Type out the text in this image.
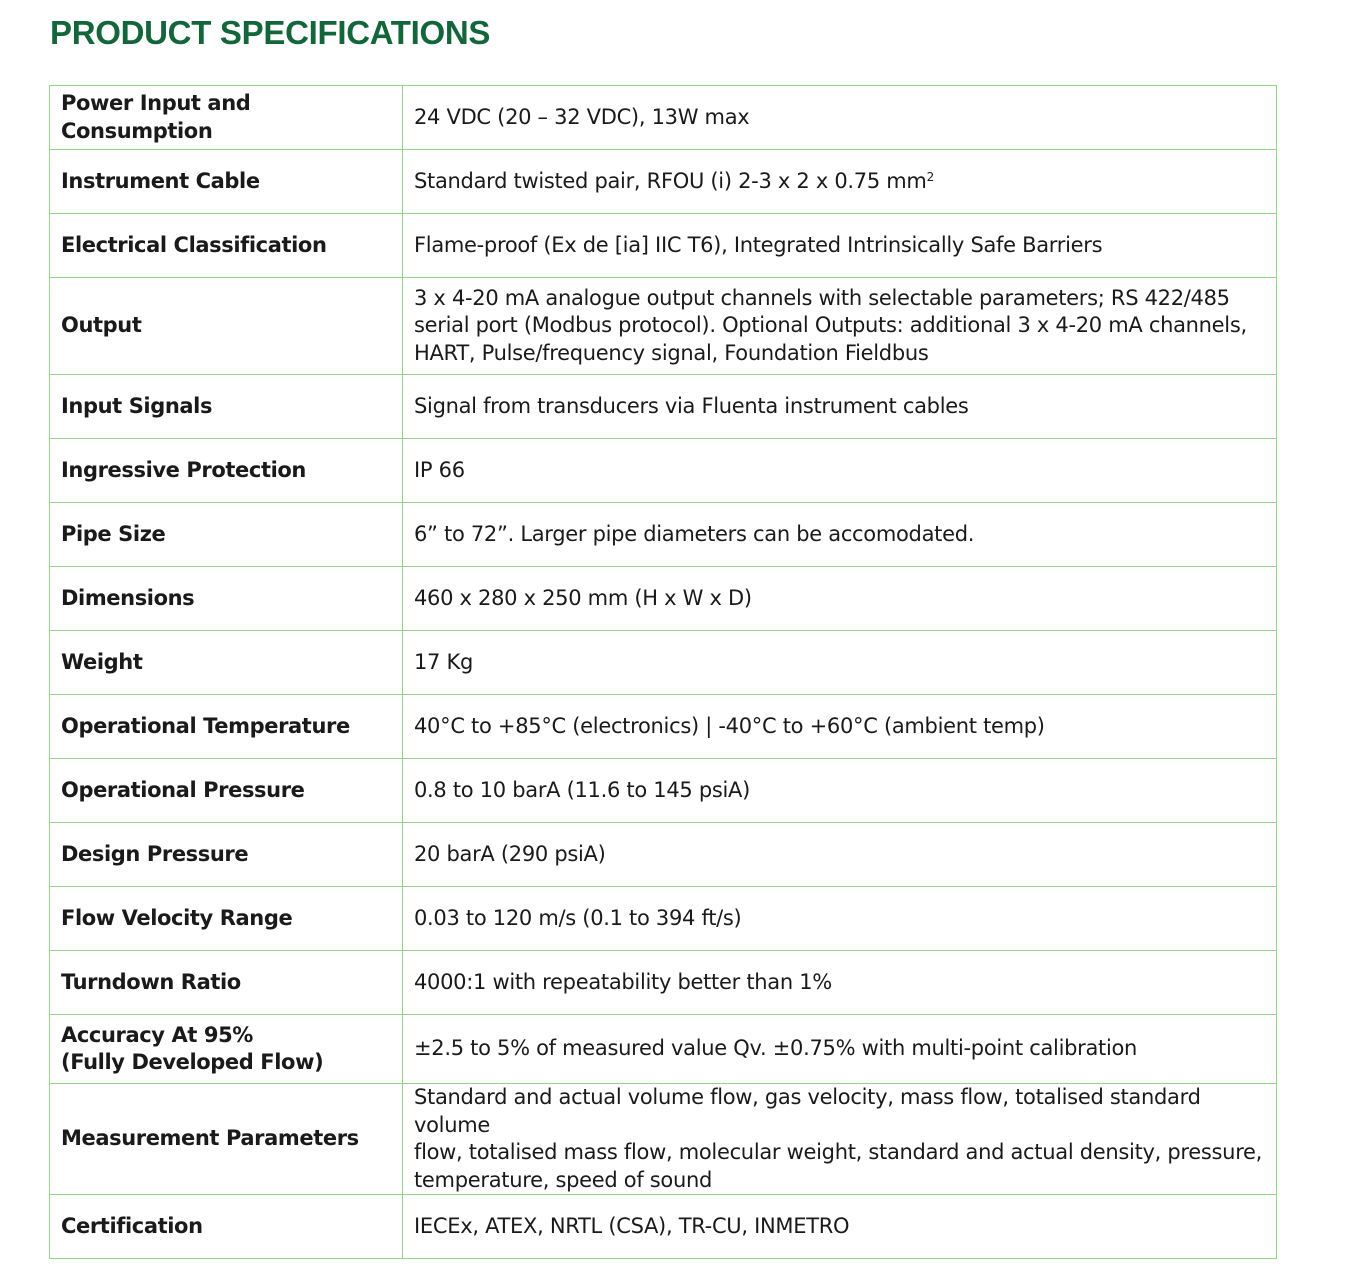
PRODUCT SPECIFICATIONS
Power Input and Consumption	24 VDC (20 – 32 VDC), 13W max

Instrument Cable	Standard twisted pair, RFOU (i) 2-3 x 2 x 0.75 $mm^2$

Electrical Classification	Flame-proof (Ex de [ia] IIC T6), Integrated Intrinsically Safe Barriers

Output	3 x 4-20 mA analogue output channels with selectable parameters; RS 422/485
serial port (Modbus protocol). Optional Outputs: additional 3 x 4-20 mA channels,
HART, Pulse/frequency signal, Foundation Fieldbus

Input Signals	Signal from transducers via Fluenta instrument cables

Ingressive Protection	IP 66

Pipe Size	6” to 72”. Larger pipe diameters can be accomodated.

Dimensions	460 x 280 x 250 mm (H x W x D)

Weight	17 Kg

Operational Temperature	40°C to +85°C (electronics) | -40°C to +60°C (ambient temp)

Operational Pressure	0.8 to 10 barA (11.6 to 145 psiA)

Design Pressure	20 barA (290 psiA)

Flow Velocity Range	0.03 to 120 m/s (0.1 to 394 ft/s)

Turndown Ratio	4000:1 with repeatability better than 1%

Accuracy At 95%
(Fully Developed Flow)	±2.5 to 5% of measured value Qv. ±0.75% with multi-point calibration

Measurement Parameters	Standard and actual volume flow, gas velocity, mass flow, totalised standard volume
flow, totalised mass flow, molecular weight, standard and actual density, pressure,
temperature, speed of sound

Certification	IECEx, ATEX, NRTL (CSA), TR-CU, INMETRO
